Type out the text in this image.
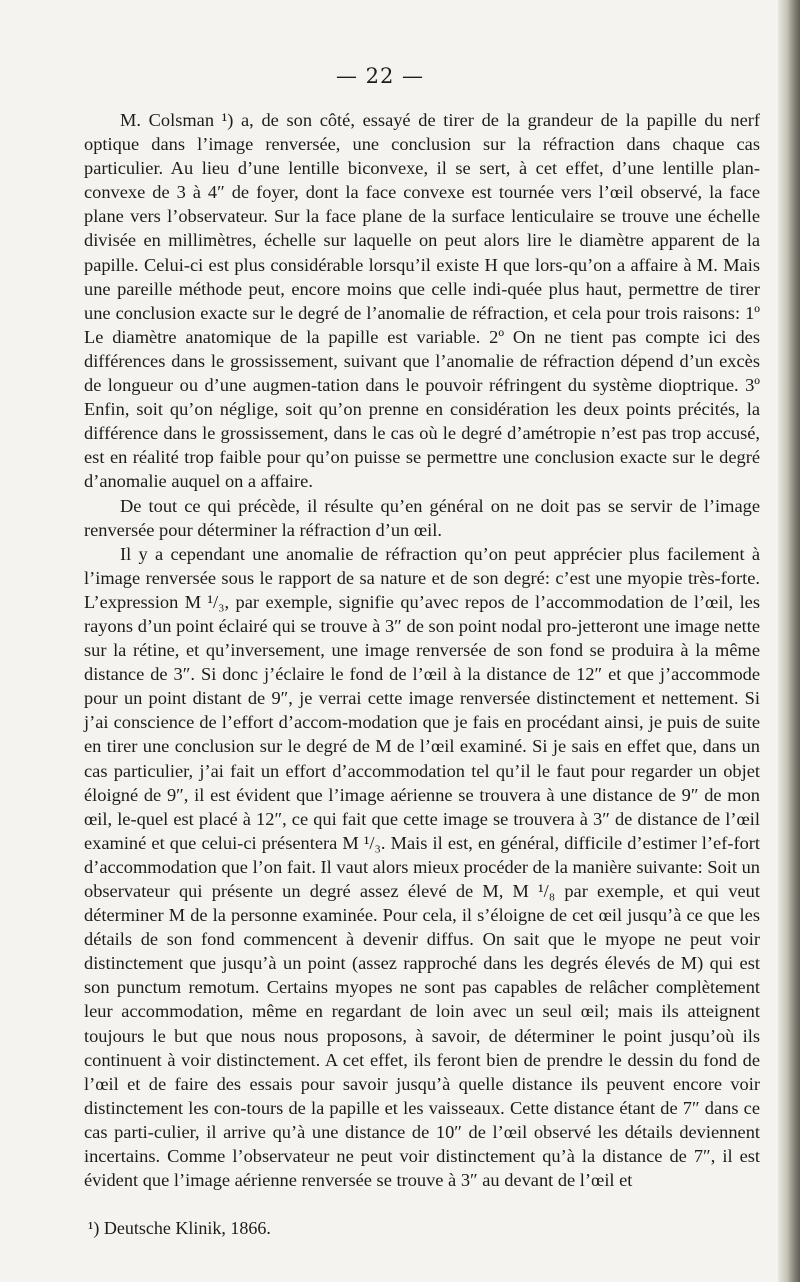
— 22 —

M. Colsman ¹) a, de son côté, essayé de tirer de la grandeur de la papille du nerf optique dans l’image renversée, une conclusion sur la réfraction dans chaque cas particulier. Au lieu d’une lentille biconvexe, il se sert, à cet effet, d’une lentille plan-convexe de 3 à 4″ de foyer, dont la face convexe est tournée vers l’œil observé, la face plane vers l’observateur. Sur la face plane de la surface lenticulaire se trouve une échelle divisée en millimètres, échelle sur laquelle on peut alors lire le diamètre apparent de la papille. Celui-ci est plus considérable lorsqu’il existe H que lors-qu’on a affaire à M. Mais une pareille méthode peut, encore moins que celle indi-quée plus haut, permettre de tirer une conclusion exacte sur le degré de l’anomalie de réfraction, et cela pour trois raisons: 1º Le diamètre anatomique de la papille est variable. 2º On ne tient pas compte ici des différences dans le grossissement, suivant que l’anomalie de réfraction dépend d’un excès de longueur ou d’une augmen-tation dans le pouvoir réfringent du système dioptrique. 3º Enfin, soit qu’on néglige, soit qu’on prenne en considération les deux points précités, la différence dans le grossissement, dans le cas où le degré d’amétropie n’est pas trop accusé, est en réalité trop faible pour qu’on puisse se permettre une conclusion exacte sur le degré d’anomalie auquel on a affaire.

De tout ce qui précède, il résulte qu’en général on ne doit pas se servir de l’image renversée pour déterminer la réfraction d’un œil.

Il y a cependant une anomalie de réfraction qu’on peut apprécier plus facilement à l’image renversée sous le rapport de sa nature et de son degré: c’est une myopie très-forte. L’expression M ¹/₃, par exemple, signifie qu’avec repos de l’accommodation de l’œil, les rayons d’un point éclairé qui se trouve à 3″ de son point nodal pro-jetteront une image nette sur la rétine, et qu’inversement, une image renversée de son fond se produira à la même distance de 3″. Si donc j’éclaire le fond de l’œil à la distance de 12″ et que j’accommode pour un point distant de 9″, je verrai cette image renversée distinctement et nettement. Si j’ai conscience de l’effort d’accom-modation que je fais en procédant ainsi, je puis de suite en tirer une conclusion sur le degré de M de l’œil examiné. Si je sais en effet que, dans un cas particulier, j’ai fait un effort d’accommodation tel qu’il le faut pour regarder un objet éloigné de 9″, il est évident que l’image aérienne se trouvera à une distance de 9″ de mon œil, le-quel est placé à 12″, ce qui fait que cette image se trouvera à 3″ de distance de l’œil examiné et que celui-ci présentera M ¹/₃. Mais il est, en général, difficile d’estimer l’ef-fort d’accommodation que l’on fait. Il vaut alors mieux procéder de la manière suivante: Soit un observateur qui présente un degré assez élevé de M, M ¹/₈ par exemple, et qui veut déterminer M de la personne examinée. Pour cela, il s’éloigne de cet œil jusqu’à ce que les détails de son fond commencent à devenir diffus. On sait que le myope ne peut voir distinctement que jusqu’à un point (assez rapproché dans les degrés élevés de M) qui est son punctum remotum. Certains myopes ne sont pas capables de relâcher complètement leur accommodation, même en regardant de loin avec un seul œil; mais ils atteignent toujours le but que nous nous proposons, à savoir, de déterminer le point jusqu’où ils continuent à voir distinctement. A cet effet, ils feront bien de prendre le dessin du fond de l’œil et de faire des essais pour savoir jusqu’à quelle distance ils peuvent encore voir distinctement les con-tours de la papille et les vaisseaux. Cette distance étant de 7″ dans ce cas parti-culier, il arrive qu’à une distance de 10″ de l’œil observé les détails deviennent incertains. Comme l’observateur ne peut voir distinctement qu’à la distance de 7″, il est évident que l’image aérienne renversée se trouve à 3″ au devant de l’œil et

¹) Deutsche Klinik, 1866.
